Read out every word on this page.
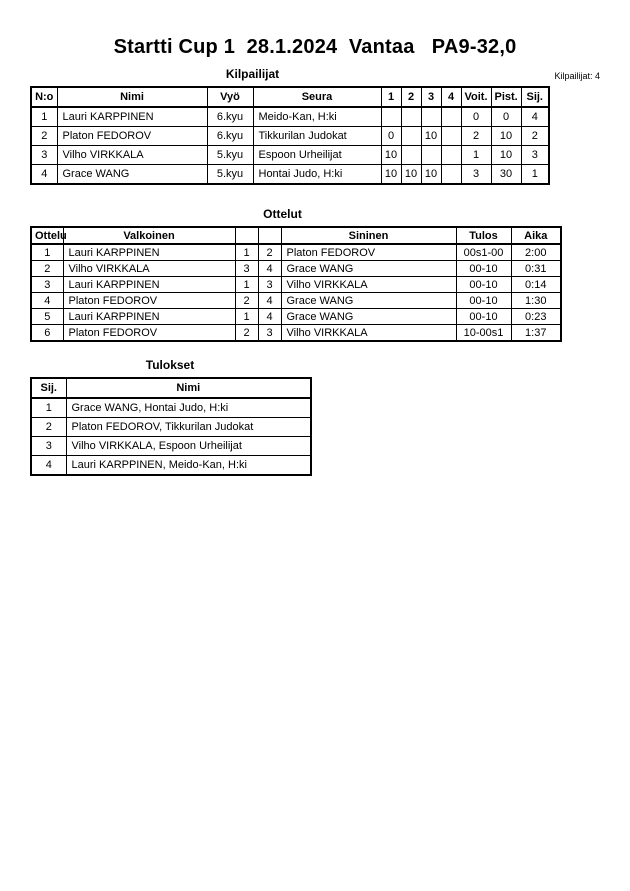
Startti Cup 1  28.1.2024  Vantaa   PA9-32,0
Kilpailijat	Kilpailijat: 4
N:o	Nimi	Vyö	Seura	1	2	3	4	Voit.	Pist.	Sij.
1	Lauri KARPPINEN	6.kyu	Meido-Kan, H:ki					0	0	4
2	Platon FEDOROV	6.kyu	Tikkurilan Judokat	0		10		2	10	2
3	Vilho VIRKKALA	5.kyu	Espoon Urheilijat	10				1	10	3
4	Grace WANG	5.kyu	Hontai Judo, H:ki	10	10	10		3	30	1
Ottelut
Ottelu	Valkoinen			Sininen	Tulos	Aika
1	Lauri KARPPINEN	1	2	Platon FEDOROV	00s1-00	2:00
2	Vilho VIRKKALA	3	4	Grace WANG	00-10	0:31
3	Lauri KARPPINEN	1	3	Vilho VIRKKALA	00-10	0:14
4	Platon FEDOROV	2	4	Grace WANG	00-10	1:30
5	Lauri KARPPINEN	1	4	Grace WANG	00-10	0:23
6	Platon FEDOROV	2	3	Vilho VIRKKALA	10-00s1	1:37
Tulokset
Sij.	Nimi
1	Grace WANG, Hontai Judo, H:ki
2	Platon FEDOROV, Tikkurilan Judokat
3	Vilho VIRKKALA, Espoon Urheilijat
4	Lauri KARPPINEN, Meido-Kan, H:ki
